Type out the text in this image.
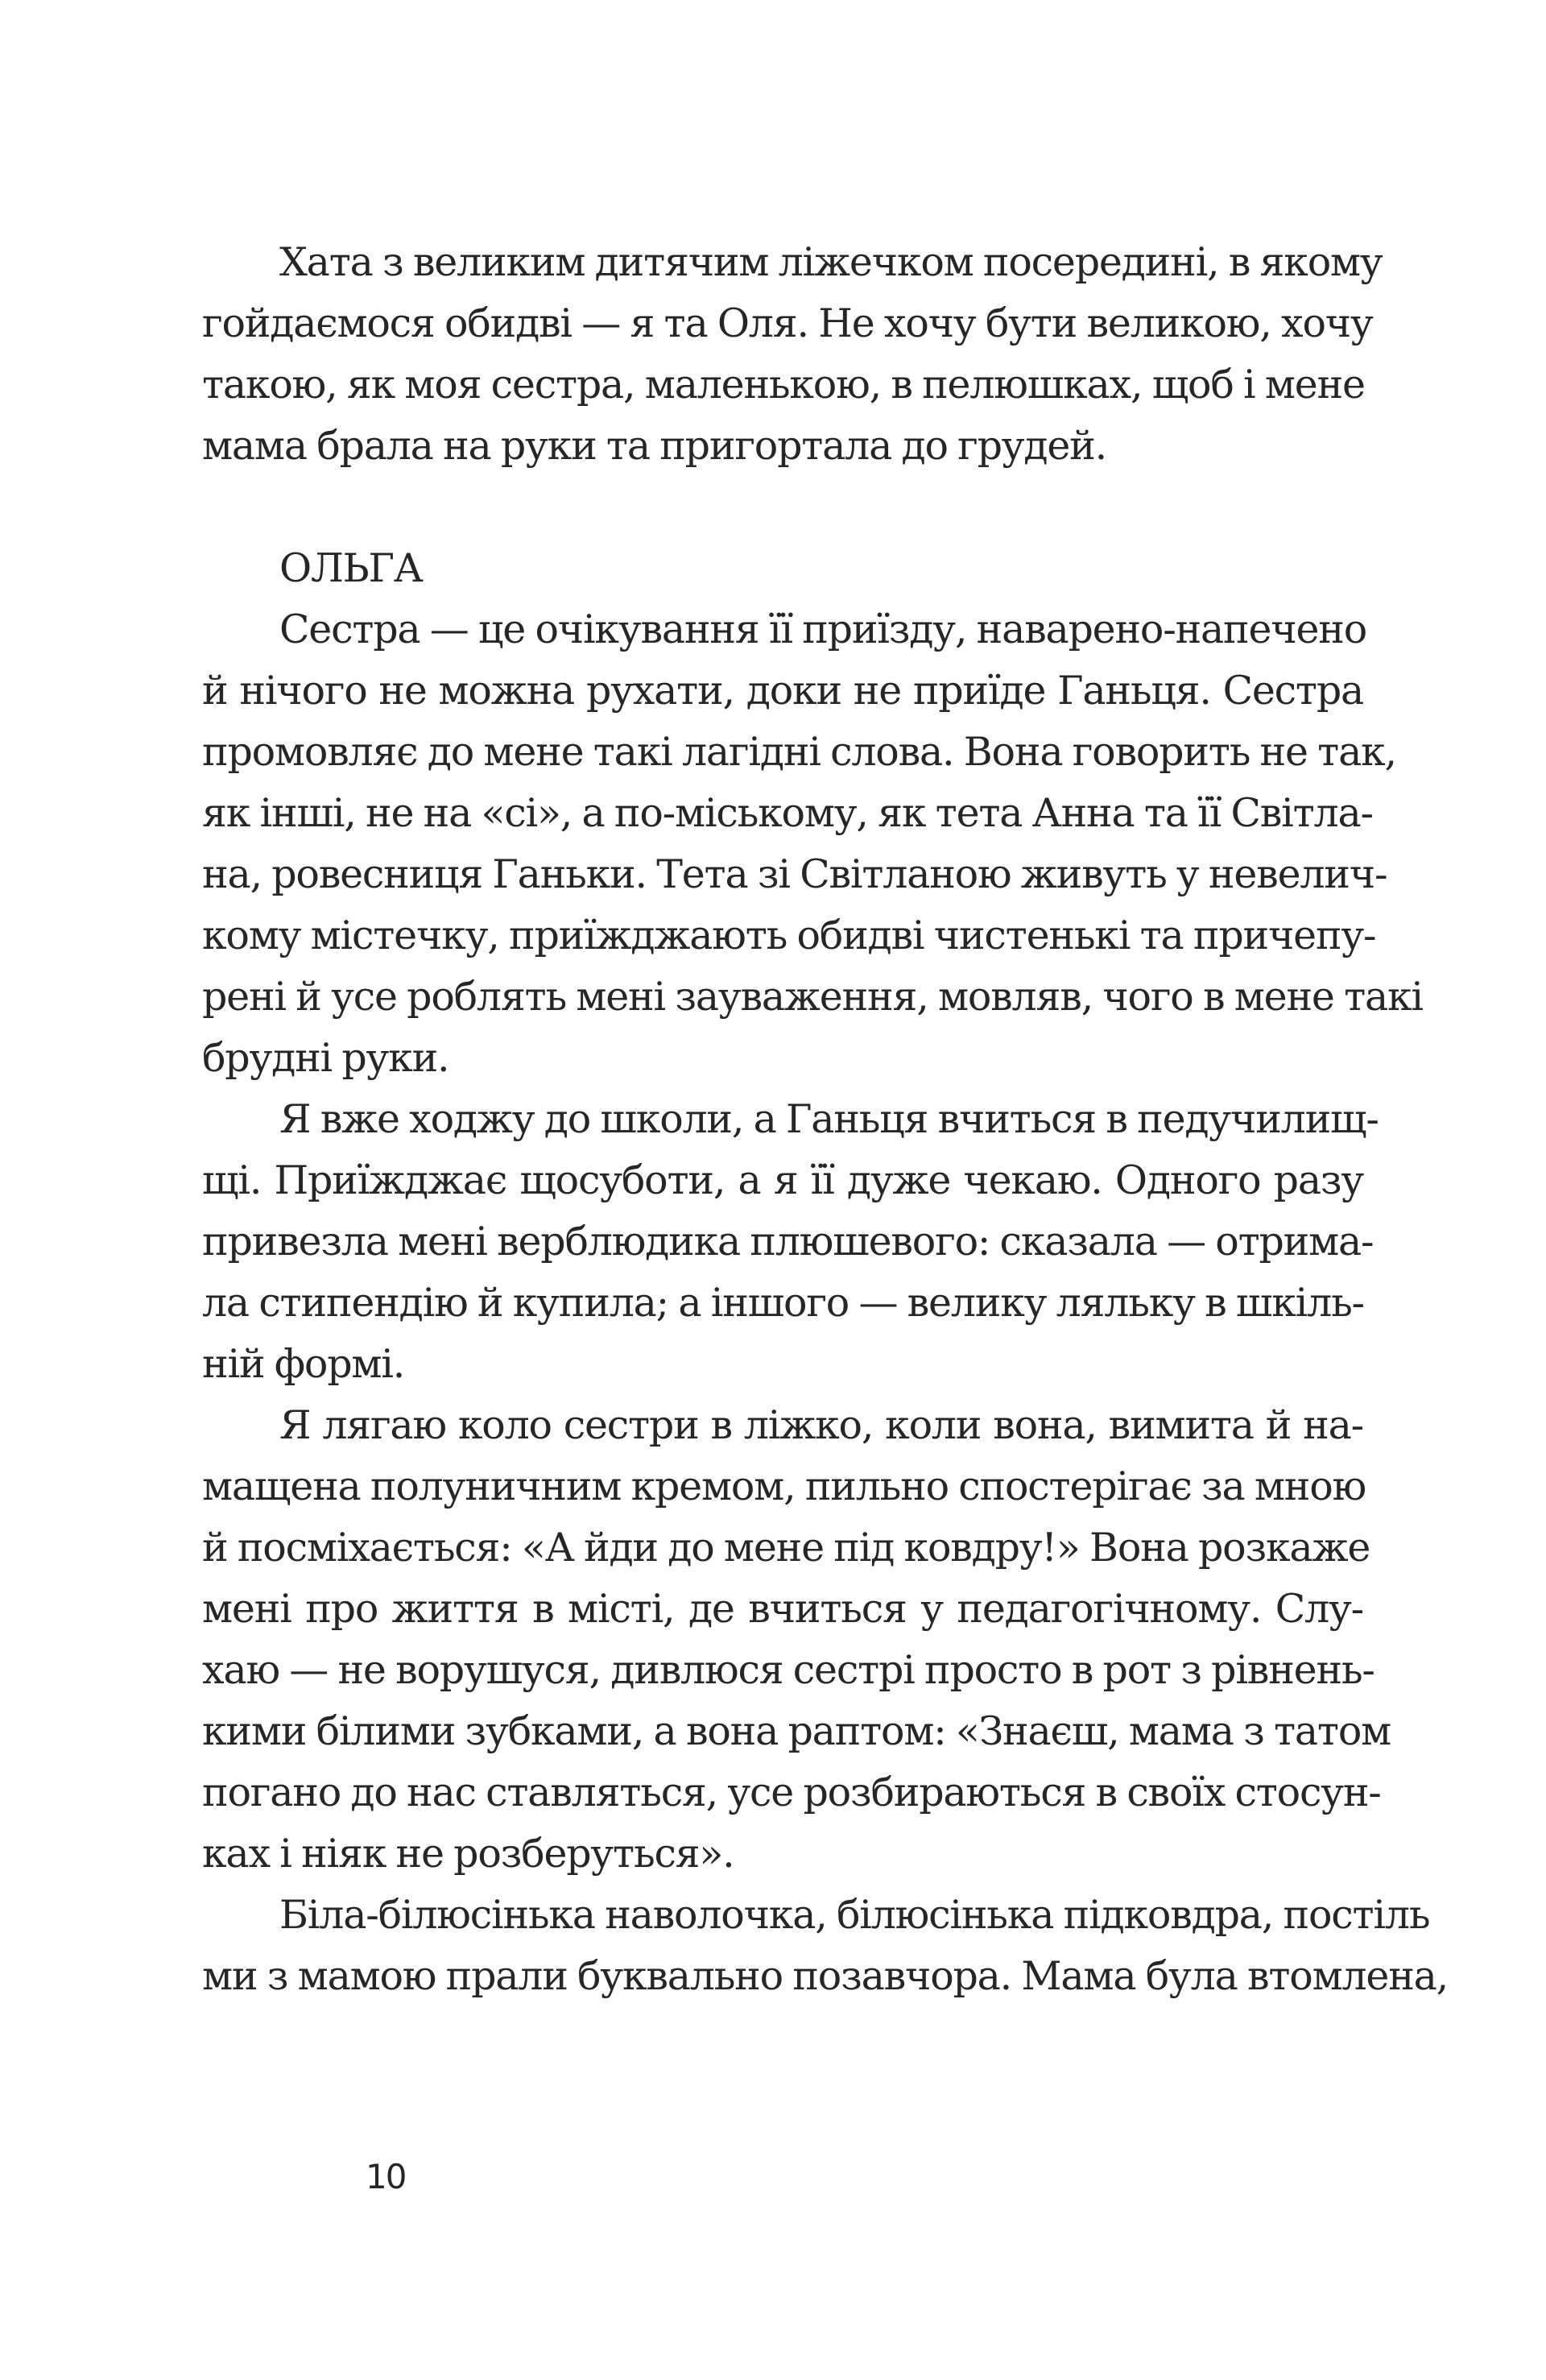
Хата з великим дитячим ліжечком посередині, в якому
гойдаємося обидві — я та Оля. Не хочу бути великою, хочу
такою, як моя сестра, маленькою, в пелюшках, щоб і мене
мама брала на руки та пригортала до грудей.
ОЛЬГА
Сестра — це очікування її приїзду, наварено-напечено
й нічого не можна рухати, доки не приїде Ганьця. Сестра
промовляє до мене такі лагідні слова. Вона говорить не так,
як інші, не на «сі», а по-міському, як тета Анна та її Світла-
на, ровесниця Ганьки. Тета зі Світланою живуть у невелич-
кому містечку, приїжджають обидві чистенькі та причепу-
рені й усе роблять мені зауваження, мовляв, чого в мене такі
брудні руки.
Я вже ходжу до школи, а Ганьця вчиться в педучилищ-
щі. Приїжджає щосуботи, а я її дуже чекаю. Одного разу
привезла мені верблюдика плюшевого: сказала — отрима-
ла стипендію й купила; а іншого — велику ляльку в шкіль-
ній формі.
Я лягаю коло сестри в ліжко, коли вона, вимита й на-
мащена полуничним кремом, пильно спостерігає за мною
й посміхається: «А йди до мене під ковдру!» Вона розкаже
мені про життя в місті, де вчиться у педагогічному. Слу-
хаю — не ворушуся, дивлюся сестрі просто в рот з рівнень-
кими білими зубками, а вона раптом: «Знаєш, мама з татом
погано до нас ставляться, усе розбираються в своїх стосун-
ках і ніяк не розберуться».
Біла-білюсінька наволочка, білюсінька підковдра, постіль
ми з мамою прали буквально позавчора. Мама була втомлена,
10
